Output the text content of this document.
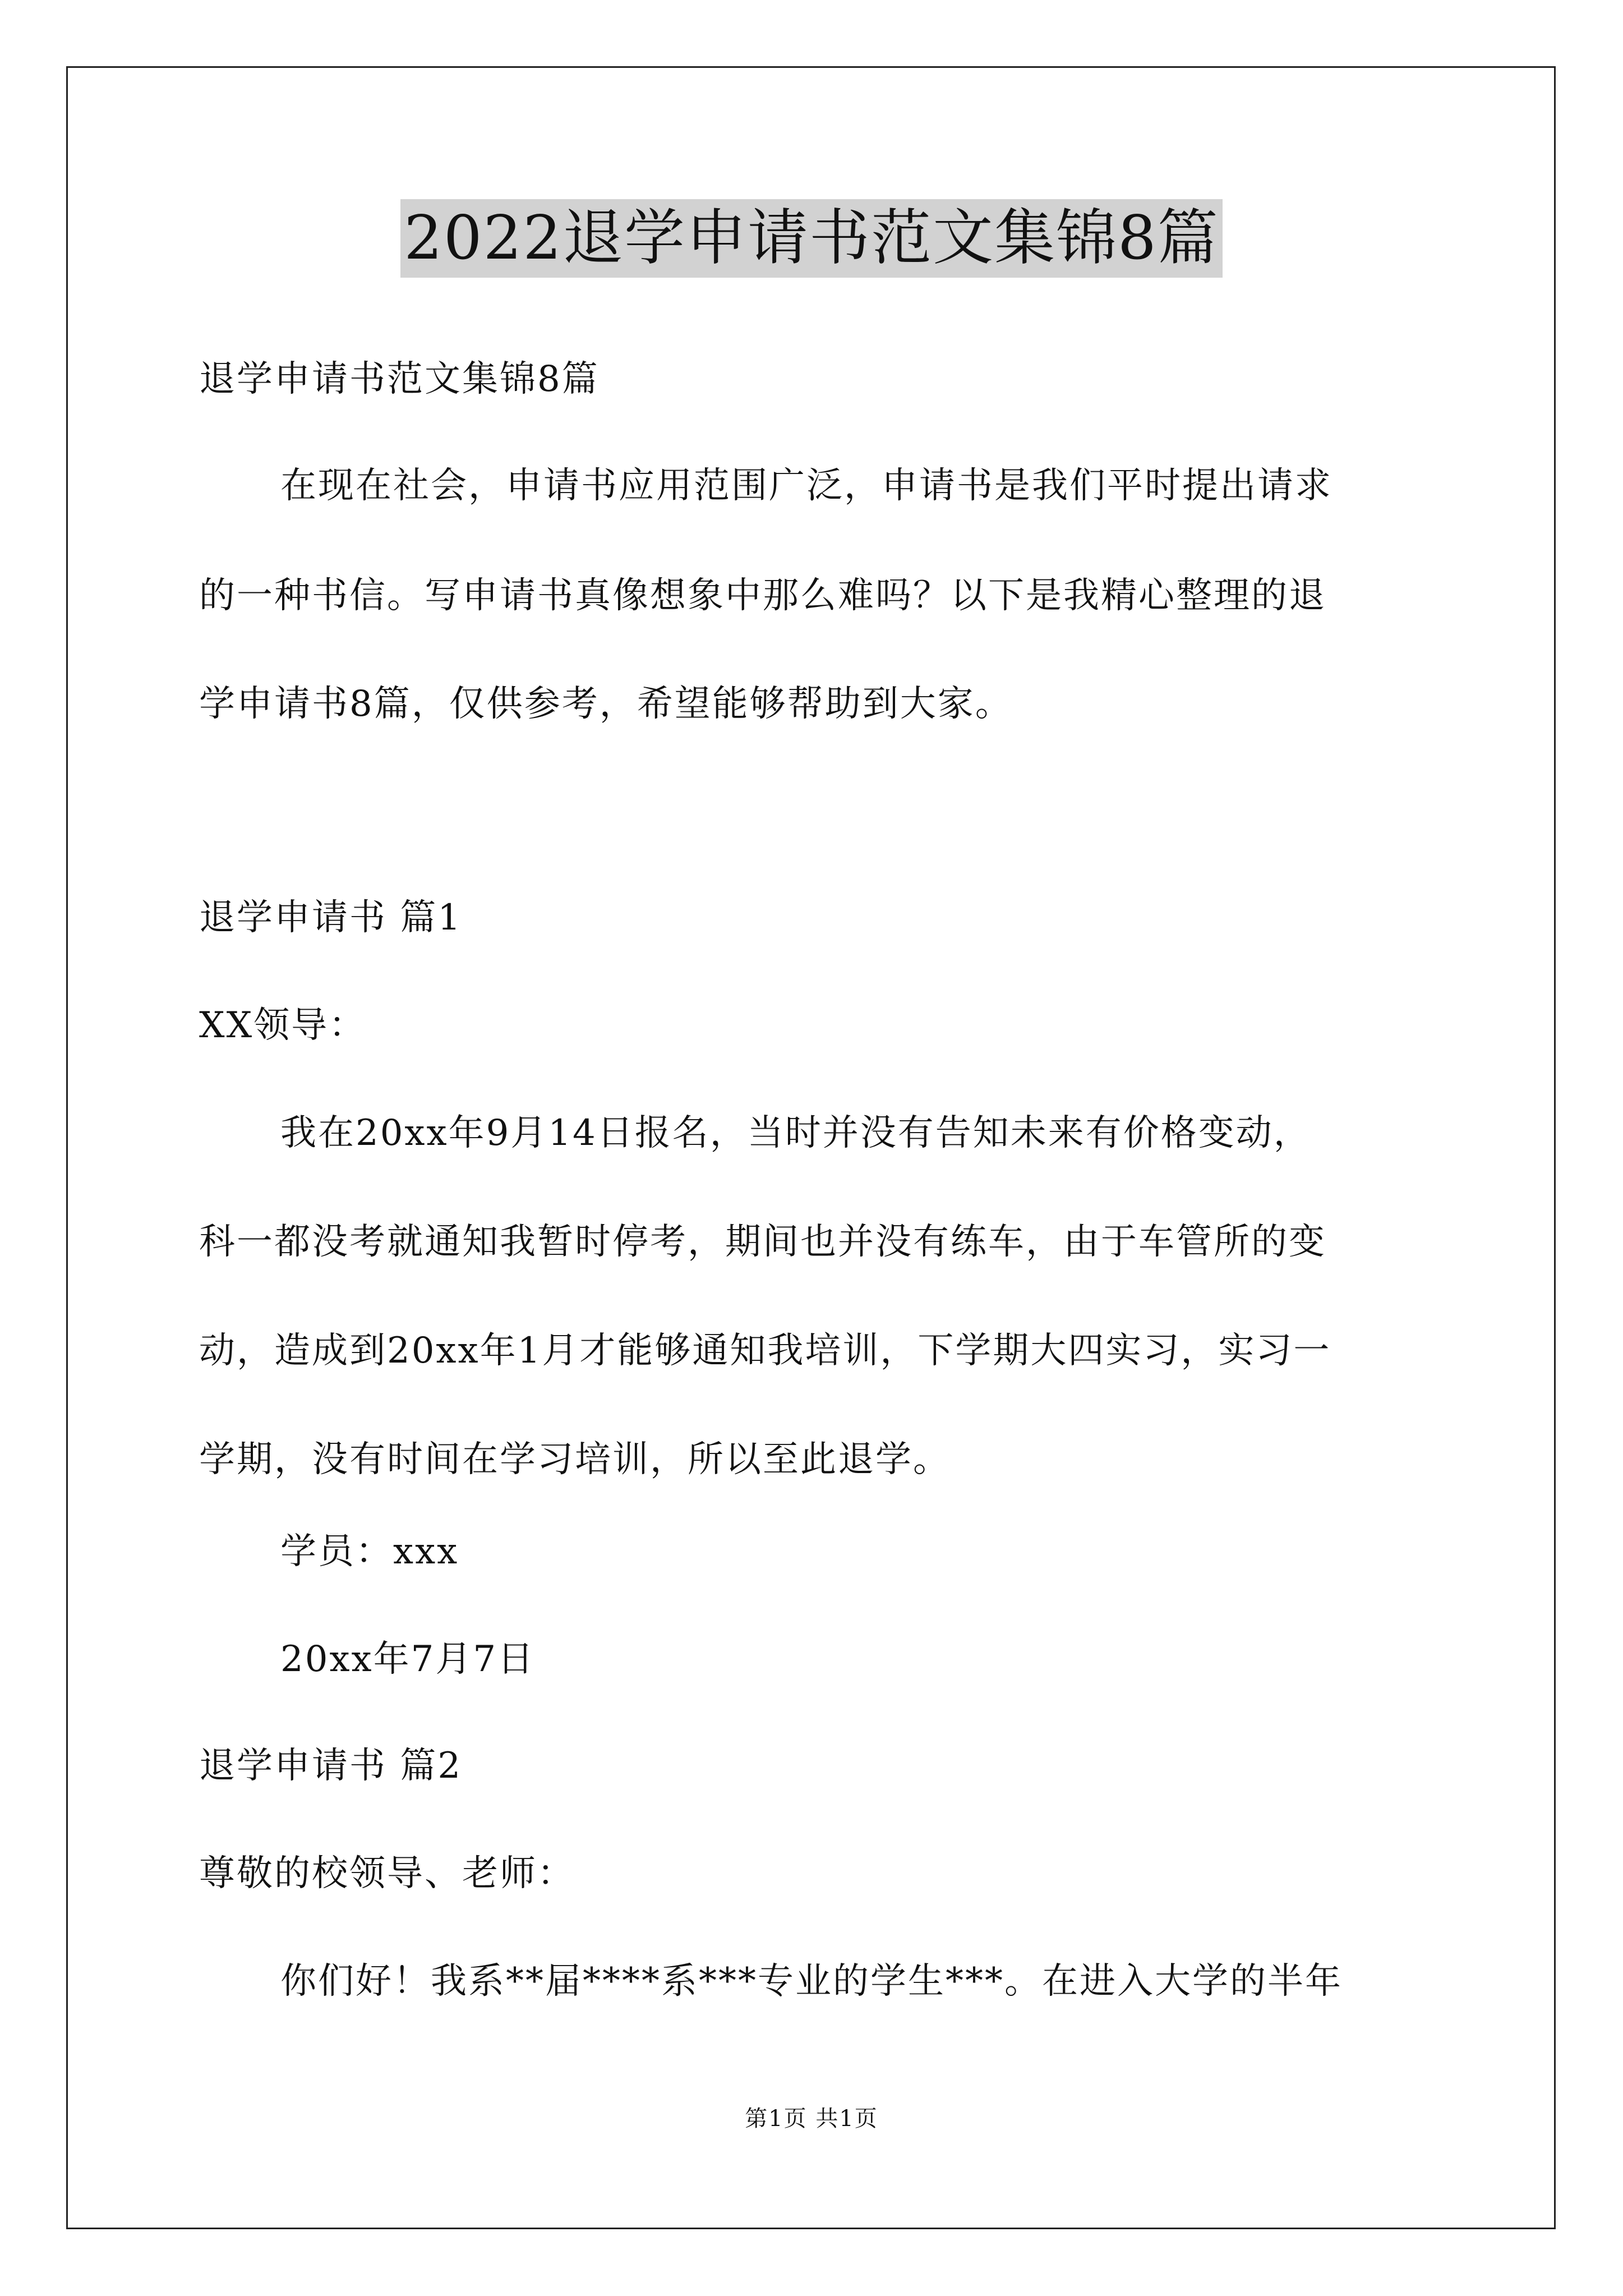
2022退学申请书范文集锦8篇
退学申请书范文集锦8篇
在现在社会，申请书应用范围广泛，申请书是我们平时提出请求
的一种书信。写申请书真像想象中那么难吗？以下是我精心整理的退
学申请书8篇，仅供参考，希望能够帮助到大家。
退学申请书 篇1
XX领导：
我在20xx年9月14日报名，当时并没有告知未来有价格变动，
科一都没考就通知我暂时停考，期间也并没有练车，由于车管所的变
动，造成到20xx年1月才能够通知我培训，下学期大四实习，实习一
学期，没有时间在学习培训，所以至此退学。
学员：xxx
20xx年7月7日
退学申请书 篇2
尊敬的校领导、老师：
你们好！我系**届****系***专业的学生***。在进入大学的半年
第1页 共1页
